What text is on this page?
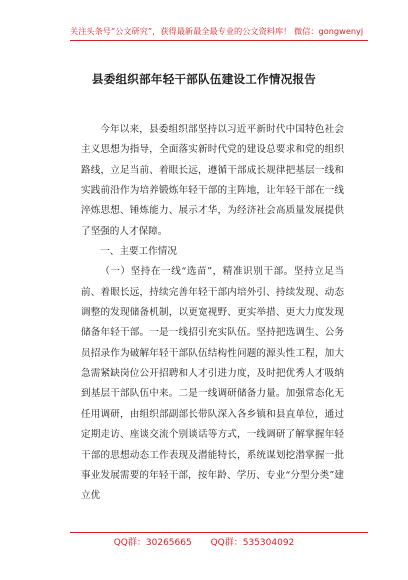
关注头条号“公文研究”，获得最新最全最专业的公文资料库！ 微信：gongwenyj
县委组织部年轻干部队伍建设工作情况报告

今年以来，县委组织部坚持以习近平新时代中国特色社会主义思想为指导，全面落实新时代党的建设总要求和党的组织路线，立足当前、着眼长远，遵循干部成长规律把基层一线和实践前沿作为培养锻炼年轻干部的主阵地，让年轻干部在一线淬炼思想、锤炼能力、展示才华，为经济社会高质量发展提供了坚强的人才保障。

一、主要工作情况

（一）坚持在一线“选苗”，精准识别干部。坚持立足当前、着眼长远，持续完善年轻干部内培外引、持续发现、动态调整的发现储备机制，以更宽视野、更实举措、更大力度发现储备年轻干部。一是一线招引充实队伍。坚持把选调生、公务员招录作为破解年轻干部队伍结构性问题的源头性工程，加大急需紧缺岗位公开招聘和人才引进力度，及时把优秀人才吸纳到基层干部队伍中来。二是一线调研储备力量。加强常态化无任用调研，由组织部副部长带队深入各乡镇和县直单位，通过定期走访、座谈交流个别谈话等方式，一线调研了解掌握年轻干部的思想动态工作表现及潜能特长，系统谋划挖潜掌握一批事业发展需要的年轻干部，按年龄、学历、专业“分型分类”建立优

QQ群：30265665 QQ群：535304092
